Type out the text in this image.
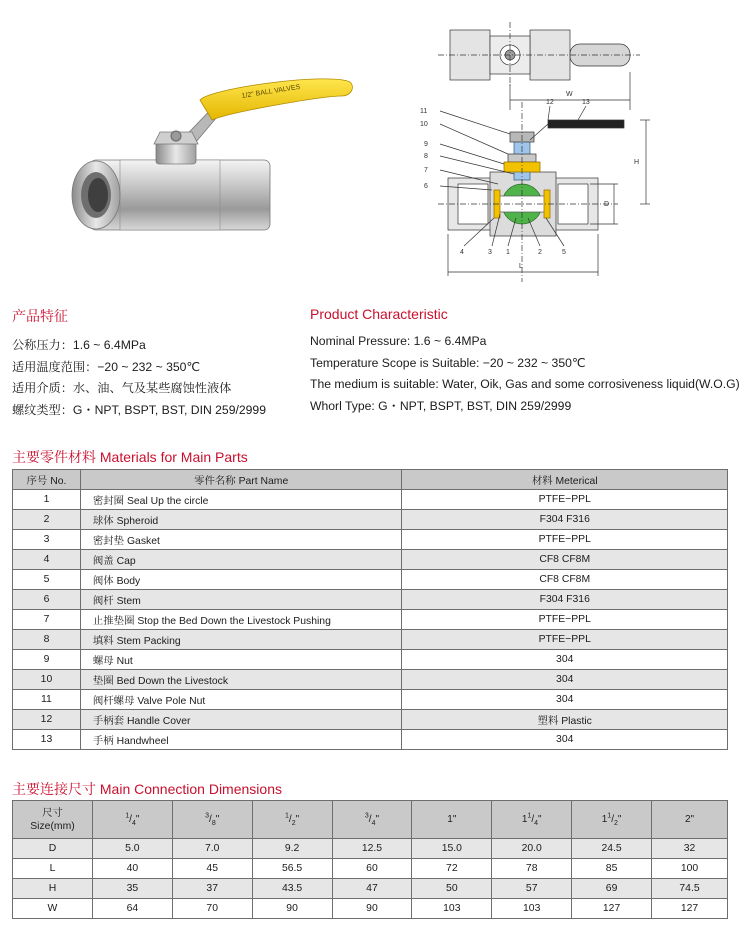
1/2" BALL VALVES	W
H
D
L
11
10
9
8
7
6
12	13
4	3 1	2	5
产品特征
公称压力：1.6 ~ 6.4MPa
适用温度范围：−20 ~ 232 ~ 350℃
适用介质：水、油、气及某些腐蚀性液体
螺纹类型：G・NPT, BSPT, BST, DIN 259/2999
Product Characteristic
Nominal Pressure: 1.6 ~ 6.4MPa
Temperature Scope is Suitable: −20 ~ 232 ~ 350℃
The medium is suitable: Water, Oik, Gas and some corrosiveness liquid(W.O.G)
Whorl Type: G・NPT, BSPT, BST, DIN 259/2999
主要零件材料 Materials for Main Parts
序号 No.	零件名称 Part Name	材料 Meterical
1	密封圈 Seal Up the circle	PTFE−PPL
2	球体 Spheroid	F304 F316
3	密封垫 Gasket	PTFE−PPL
4	阀盖 Cap	CF8 CF8M
5	阀体 Body	CF8 CF8M
6	阀杆 Stem	F304 F316
7	止推垫圈 Stop the Bed Down the Livestock Pushing	PTFE−PPL
8	填料 Stem Packing	PTFE−PPL
9	螺母 Nut	304
10	垫圈 Bed Down the Livestock	304
11	阀杆螺母 Valve Pole Nut	304
12	手柄套 Handle Cover	塑料 Plastic
13	手柄 Handwheel	304
主要连接尺寸 Main Connection Dimensions
尺寸
Size(mm)	$^1/_4$"	$^3/_8$"	$^1/_2$"	$^3/_4$"	1"	$1^1/_4$"	$1^1/_2$"	2"
D	5.0	7.0	9.2	12.5	15.0	20.0	24.5	32
L	40	45	56.5	60	72	78	85	100
H	35	37	43.5	47	50	57	69	74.5
W	64	70	90	90	103	103	127	127
